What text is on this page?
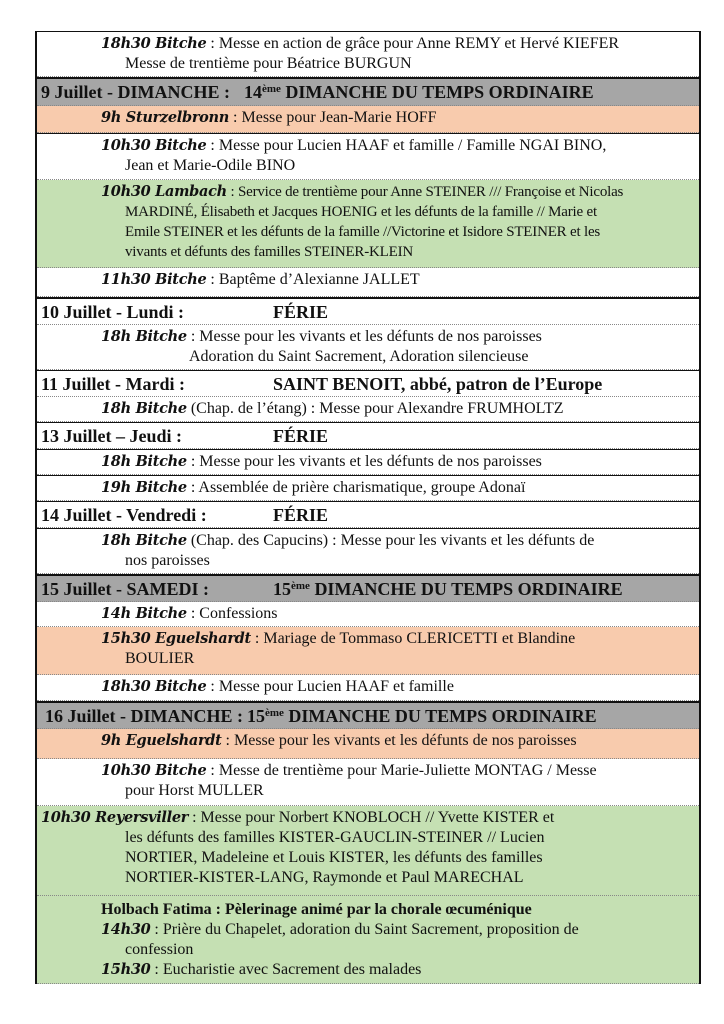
18h30 Bitche : Messe en action de grâce pour Anne REMY et Hervé KIEFER
Messe de trentième pour Béatrice BURGUN
9 Juillet - DIMANCHE : 14ème DIMANCHE DU TEMPS ORDINAIRE
9h Sturzelbronn : Messe pour Jean-Marie HOFF
10h30 Bitche : Messe pour Lucien HAAF et famille / Famille NGAI BINO,
Jean et Marie-Odile BINO
10h30 Lambach : Service de trentième pour Anne STEINER /// Françoise et Nicolas
MARDINÉ, Élisabeth et Jacques HOENIG et les défunts de la famille // Marie et
Emile STEINER et les défunts de la famille //Victorine et Isidore STEINER et les
vivants et défunts des familles STEINER-KLEIN
11h30 Bitche : Baptême d’Alexianne JALLET
10 Juillet - Lundi :	FÉRIE
18h Bitche : Messe pour les vivants et les défunts de nos paroisses
Adoration du Saint Sacrement, Adoration silencieuse
11 Juillet - Mardi :	SAINT BENOIT, abbé, patron de l’Europe
18h Bitche (Chap. de l’étang) : Messe pour Alexandre FRUMHOLTZ
13 Juillet – Jeudi :	FÉRIE
18h Bitche : Messe pour les vivants et les défunts de nos paroisses
19h Bitche : Assemblée de prière charismatique, groupe Adonaï
14 Juillet - Vendredi :	FÉRIE
18h Bitche (Chap. des Capucins) : Messe pour les vivants et les défunts de
nos paroisses
15 Juillet - SAMEDI :	15ème DIMANCHE DU TEMPS ORDINAIRE
14h Bitche : Confessions
15h30 Eguelshardt : Mariage de Tommaso CLERICETTI et Blandine
BOULIER
18h30 Bitche : Messe pour Lucien HAAF et famille
16 Juillet - DIMANCHE : 15ème DIMANCHE DU TEMPS ORDINAIRE
9h Eguelshardt : Messe pour les vivants et les défunts de nos paroisses
10h30 Bitche : Messe de trentième pour Marie-Juliette MONTAG / Messe
pour Horst MULLER
10h30 Reyersviller : Messe pour Norbert KNOBLOCH // Yvette KISTER et
les défunts des familles KISTER-GAUCLIN-STEINER // Lucien
NORTIER, Madeleine et Louis KISTER, les défunts des familles
NORTIER-KISTER-LANG, Raymonde et Paul MARECHAL
Holbach Fatima : Pèlerinage animé par la chorale œcuménique
14h30 : Prière du Chapelet, adoration du Saint Sacrement, proposition de
confession
15h30 : Eucharistie avec Sacrement des malades
